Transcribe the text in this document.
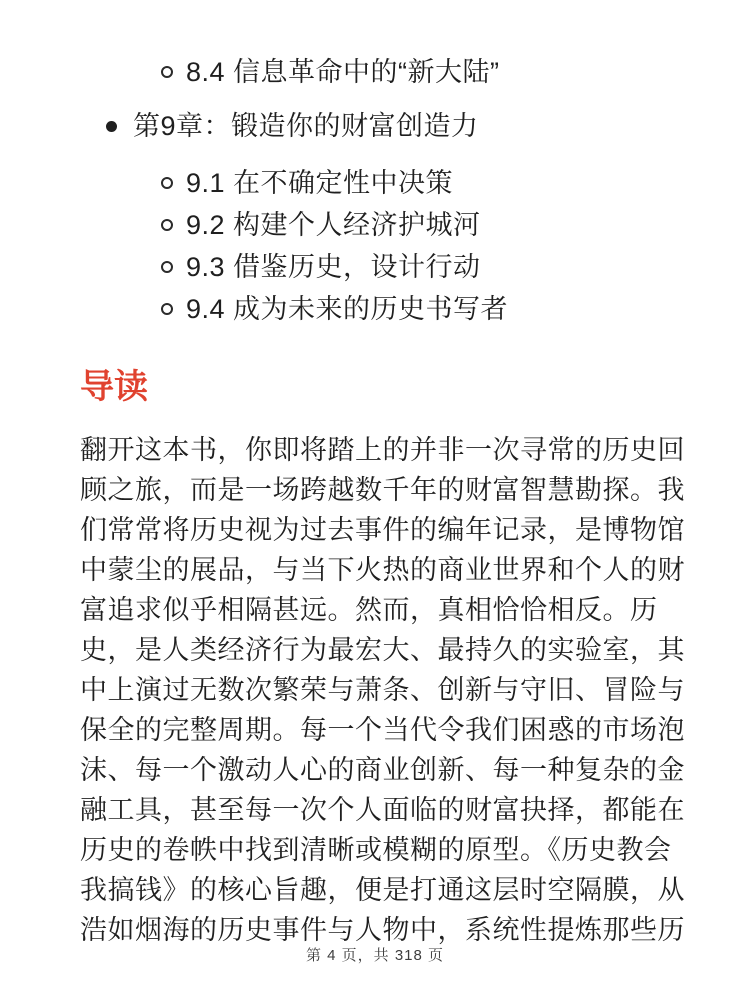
8.4 信息革命中的“新大陆”
第9章：锻造你的财富创造力
9.1 在不确定性中决策
9.2 构建个人经济护城河
9.3 借鉴历史，设计行动
9.4 成为未来的历史书写者
导读
翻开这本书，你即将踏上的并非一次寻常的历史回
顾之旅，而是一场跨越数千年的财富智慧勘探。我
们常常将历史视为过去事件的编年记录，是博物馆
中蒙尘的展品，与当下火热的商业世界和个人的财
富追求似乎相隔甚远。然而，真相恰恰相反。历
史，是人类经济行为最宏大、最持久的实验室，其
中上演过无数次繁荣与萧条、创新与守旧、冒险与
保全的完整周期。每一个当代令我们困惑的市场泡
沫、每一个激动人心的商业创新、每一种复杂的金
融工具，甚至每一次个人面临的财富抉择，都能在
历史的卷帙中找到清晰或模糊的原型。《历史教会
我搞钱》的核心旨趣，便是打通这层时空隔膜，从
浩如烟海的历史事件与人物中，系统性提炼那些历
第 4 页，共 318 页
